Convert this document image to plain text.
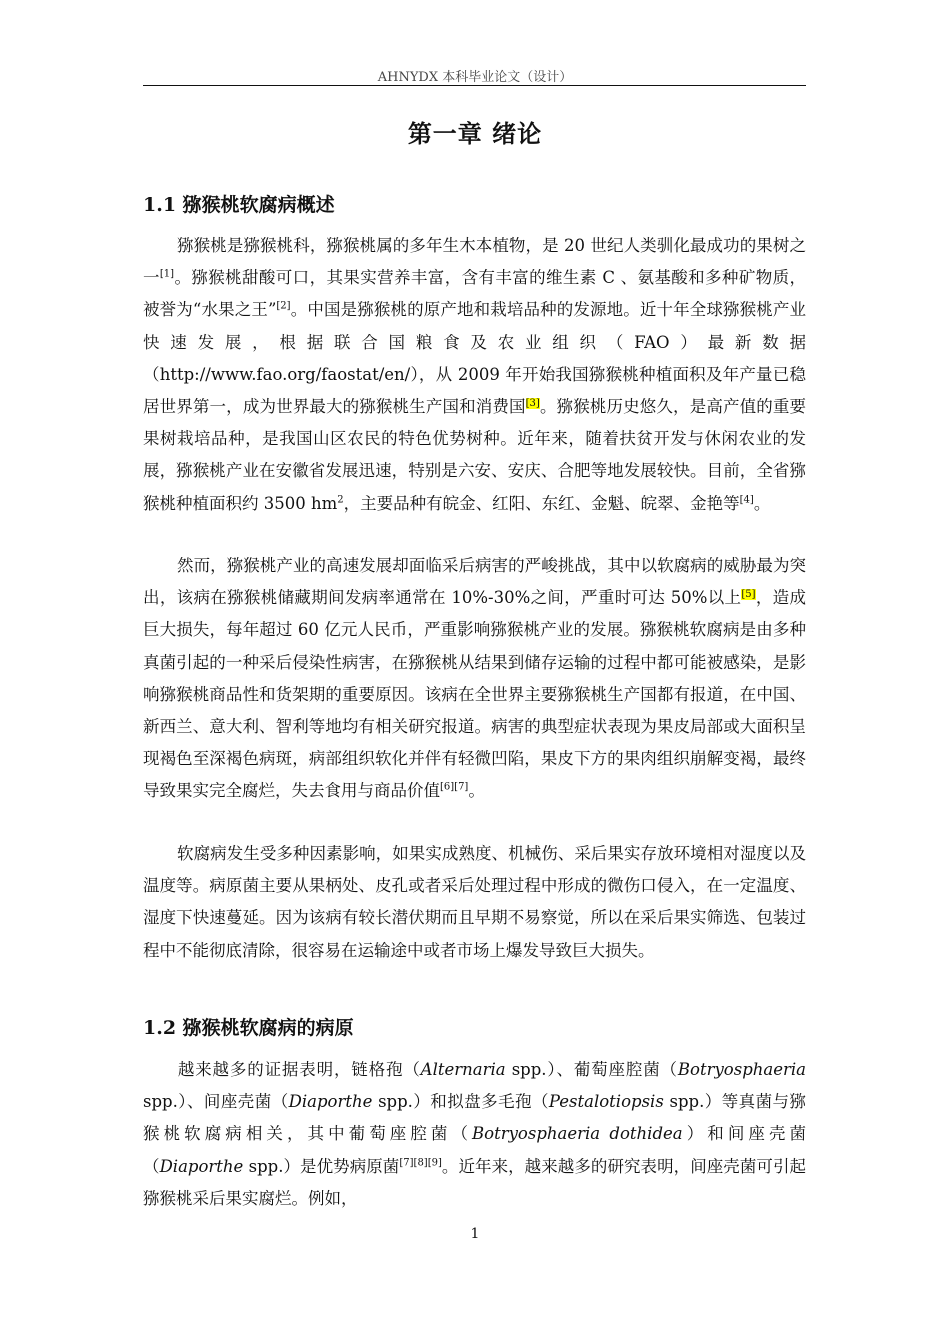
AHNYDX 本科毕业论文（设计）
第一章 绪论
1.1 猕猴桃软腐病概述

猕猴桃是猕猴桃科，猕猴桃属的多年生木本植物，是 20 世纪人类驯化最成功的果树之一[1]。猕猴桃甜酸可口，其果实营养丰富，含有丰富的维生素 C 、氨基酸和多种矿物质，被誉为“水果之王”[2]。中国是猕猴桃的原产地和栽培品种的发源地。近十年全球猕猴桃产业快速发展，根据联合国粮食及农业组织（FAO）最新数据（http://www.fao.org/faostat/en/），从 2009 年开始我国猕猴桃种植面积及年产量已稳居世界第一，成为世界最大的猕猴桃生产国和消费国[3]。猕猴桃历史悠久，是高产值的重要果树栽培品种，是我国山区农民的特色优势树种。近年来，随着扶贫开发与休闲农业的发展，猕猴桃产业在安徽省发展迅速，特别是六安、安庆、合肥等地发展较快。目前，全省猕猴桃种植面积约 3500 $hm^2$，主要品种有皖金、红阳、东红、金魁、皖翠、金艳等[4]。

然而，猕猴桃产业的高速发展却面临采后病害的严峻挑战，其中以软腐病的威胁最为突出，该病在猕猴桃储藏期间发病率通常在 10%-30%之间，严重时可达 50%以上[5]，造成巨大损失，每年超过 60 亿元人民币，严重影响猕猴桃产业的发展。猕猴桃软腐病是由多种真菌引起的一种采后侵染性病害，在猕猴桃从结果到储存运输的过程中都可能被感染，是影响猕猴桃商品性和货架期的重要原因。该病在全世界主要猕猴桃生产国都有报道，在中国、新西兰、意大利、智利等地均有相关研究报道。病害的典型症状表现为果皮局部或大面积呈现褐色至深褐色病斑，病部组织软化并伴有轻微凹陷，果皮下方的果肉组织崩解变褐，最终导致果实完全腐烂，失去食用与商品价值[6][7]。

软腐病发生受多种因素影响，如果实成熟度、机械伤、采后果实存放环境相对湿度以及温度等。病原菌主要从果柄处、皮孔或者采后处理过程中形成的微伤口侵入，在一定温度、湿度下快速蔓延。因为该病有较长潜伏期而且早期不易察觉，所以在采后果实筛选、包装过程中不能彻底清除，很容易在运输途中或者市场上爆发导致巨大损失。

1.2 猕猴桃软腐病的病原

越来越多的证据表明，链格孢（Alternaria spp.）、葡萄座腔菌（Botryosphaeria spp.）、间座壳菌（Diaporthe spp.）和拟盘多毛孢（Pestalotiopsis spp.）等真菌与猕猴桃软腐病相关，其中葡萄座腔菌（Botryosphaeria dothidea）和间座壳菌（Diaporthe spp.）是优势病原菌[7][8][9]。近年来，越来越多的研究表明，间座壳菌可引起猕猴桃采后果实腐烂。例如，

1
